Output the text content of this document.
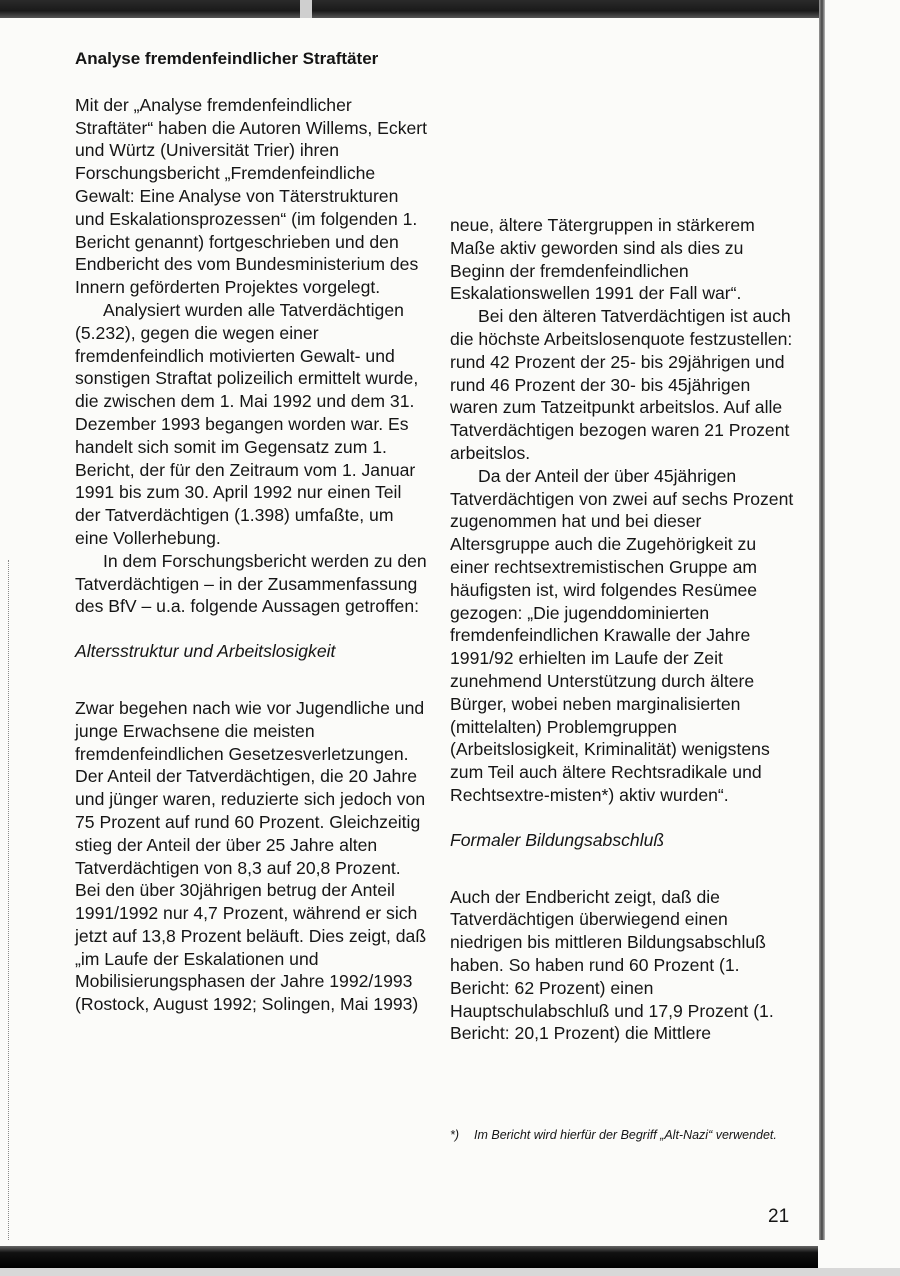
Analyse fremdenfeindlicher Straftäter

Mit der „Analyse fremdenfeindlicher Straftäter“ haben die Autoren Willems, Eckert und Würtz (Universität Trier) ihren Forschungsbericht „Fremdenfeindliche Gewalt: Eine Analyse von Täterstrukturen und Eskalationsprozessen“ (im folgenden 1. Bericht genannt) fortgeschrieben und den Endbericht des vom Bundesministerium des Innern geförderten Projektes vorgelegt.

Analysiert wurden alle Tatverdächtigen (5.232), gegen die wegen einer fremdenfeindlich motivierten Gewalt- und sonstigen Straftat polizeilich ermittelt wurde, die zwischen dem 1. Mai 1992 und dem 31. Dezember 1993 begangen worden war. Es handelt sich somit im Gegensatz zum 1. Bericht, der für den Zeitraum vom 1. Januar 1991 bis zum 30. April 1992 nur einen Teil der Tatverdächtigen (1.398) umfaßte, um eine Vollerhebung.

In dem Forschungsbericht werden zu den Tatverdächtigen – in der Zusammenfassung des BfV – u.a. folgende Aussagen getroffen:

Altersstruktur und Arbeitslosigkeit

Zwar begehen nach wie vor Jugendliche und junge Erwachsene die meisten fremdenfeindlichen Gesetzesverletzungen. Der Anteil der Tatverdächtigen, die 20 Jahre und jünger waren, reduzierte sich jedoch von 75 Prozent auf rund 60 Prozent. Gleichzeitig stieg der Anteil der über 25 Jahre alten Tatverdächtigen von 8,3 auf 20,8 Prozent. Bei den über 30jährigen betrug der Anteil 1991/1992 nur 4,7 Prozent, während er sich jetzt auf 13,8 Prozent beläuft. Dies zeigt, daß „im Laufe der Eskalationen und Mobilisierungsphasen der Jahre 1992/1993 (Rostock, August 1992; Solingen, Mai 1993)

neue, ältere Tätergruppen in stärkerem Maße aktiv geworden sind als dies zu Beginn der fremdenfeindlichen Eskalationswellen 1991 der Fall war“.

Bei den älteren Tatverdächtigen ist auch die höchste Arbeitslosenquote festzustellen: rund 42 Prozent der 25- bis 29jährigen und rund 46 Prozent der 30- bis 45jährigen waren zum Tatzeitpunkt arbeitslos. Auf alle Tatverdächtigen bezogen waren 21 Prozent arbeitslos.

Da der Anteil der über 45jährigen Tatverdächtigen von zwei auf sechs Prozent zugenommen hat und bei dieser Altersgruppe auch die Zugehörigkeit zu einer rechtsextremistischen Gruppe am häufigsten ist, wird folgendes Resümee gezogen: „Die jugenddominierten fremdenfeindlichen Krawalle der Jahre 1991/92 erhielten im Laufe der Zeit zunehmend Unterstützung durch ältere Bürger, wobei neben marginalisierten (mittelalten) Problemgruppen (Arbeitslosigkeit, Kriminalität) wenigstens zum Teil auch ältere Rechtsradikale und Rechtsextre-misten*) aktiv wurden“.

Formaler Bildungsabschluß

Auch der Endbericht zeigt, daß die Tatverdächtigen überwiegend einen niedrigen bis mittleren Bildungsabschluß haben. So haben rund 60 Prozent (1. Bericht: 62 Prozent) einen Hauptschulabschluß und 17,9 Prozent (1. Bericht: 20,1 Prozent) die Mittlere

*)	Im Bericht wird hierfür der Begriff „Alt-Nazi“ verwendet.
21
